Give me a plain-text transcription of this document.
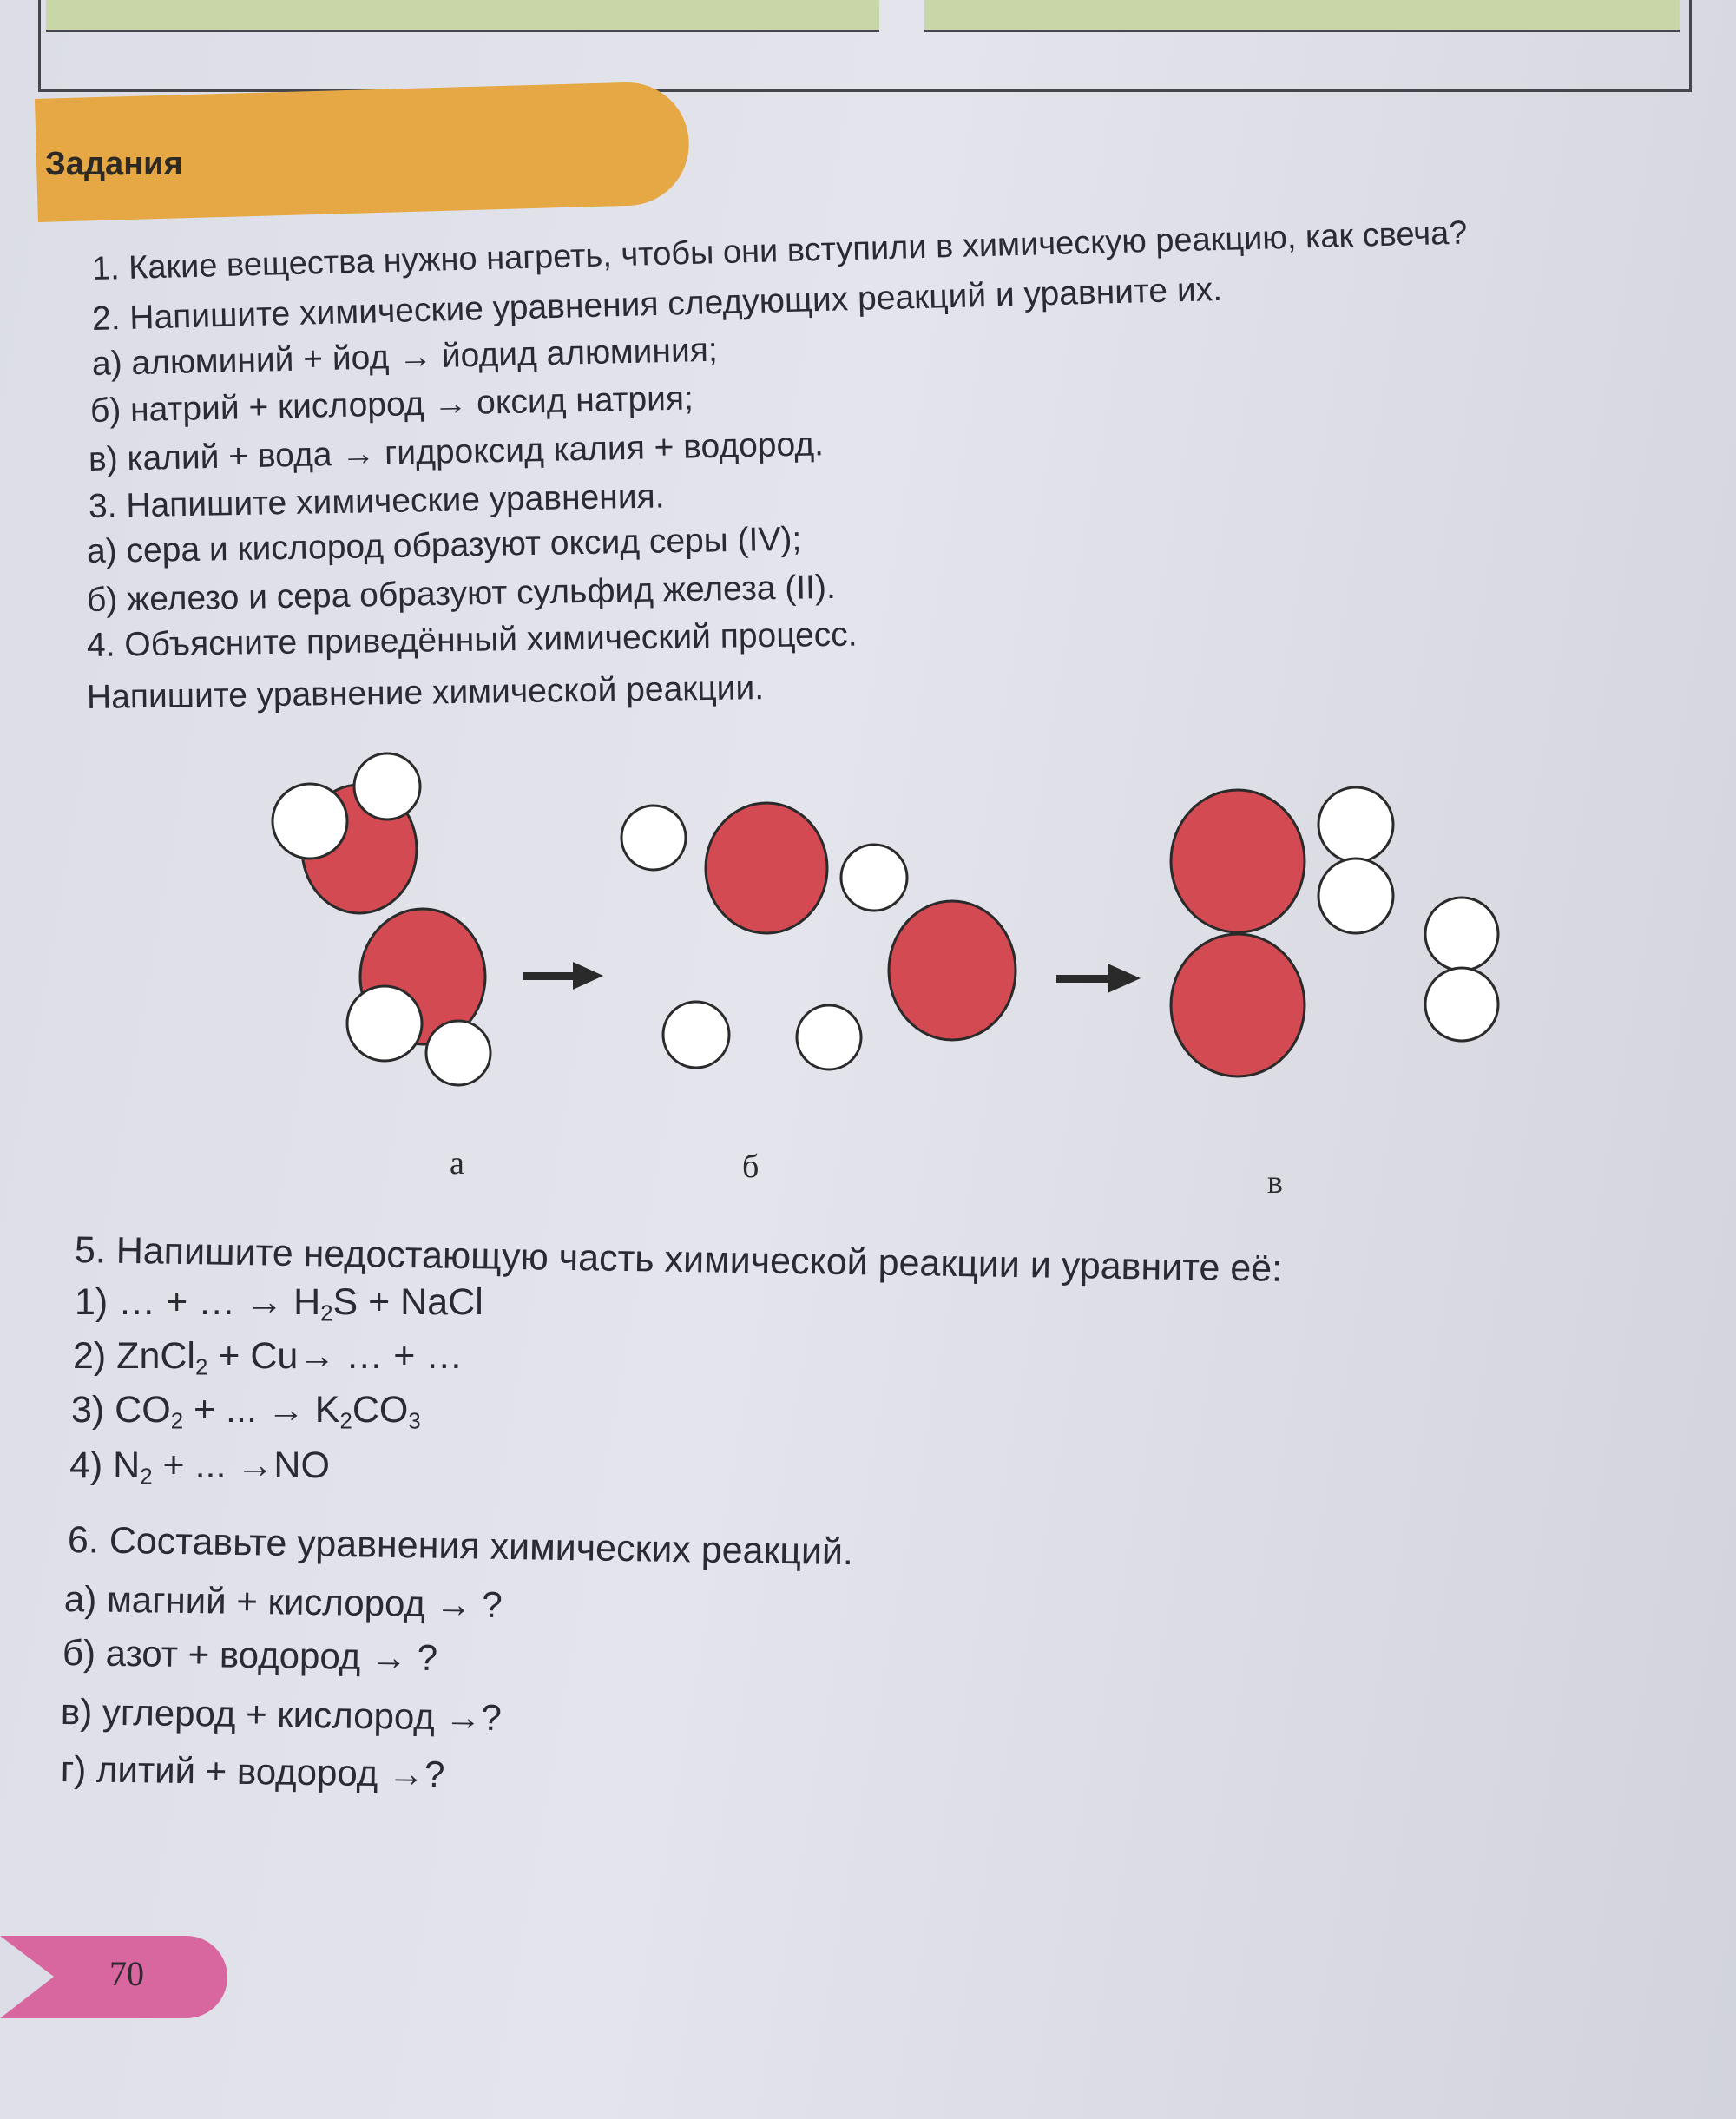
Задания
1. Какие вещества нужно нагреть, чтобы они вступили в химическую реакцию, как свеча?
2. Напишите химические уравнения следующих реакций и уравните их.
а) алюминий + йод → йодид алюминия;
б) натрий + кислород → оксид натрия;
в) калий + вода → гидроксид калия + водород.
3. Напишите химические уравнения.
а) сера и кислород образуют оксид серы (IV);
б) железо и сера образуют сульфид железа (II).
4. Объясните приведённый химический процесс.
Напишите уравнение химической реакции.
а	б	в
5. Напишите недостающую часть химической реакции и уравните её:
1) … + … → $H_2S$ + NaCl
2) ZnCl$_2$ + Cu→ … + …
3) $CO_2$ + ... → $K_2CO_3$
4) $N_2$ + ... →NO
6. Составьте уравнения химических реакций.
а) магний + кислород → ?
б) азот + водород → ?
в) углерод + кислород →?
г) литий + водород →?
70
